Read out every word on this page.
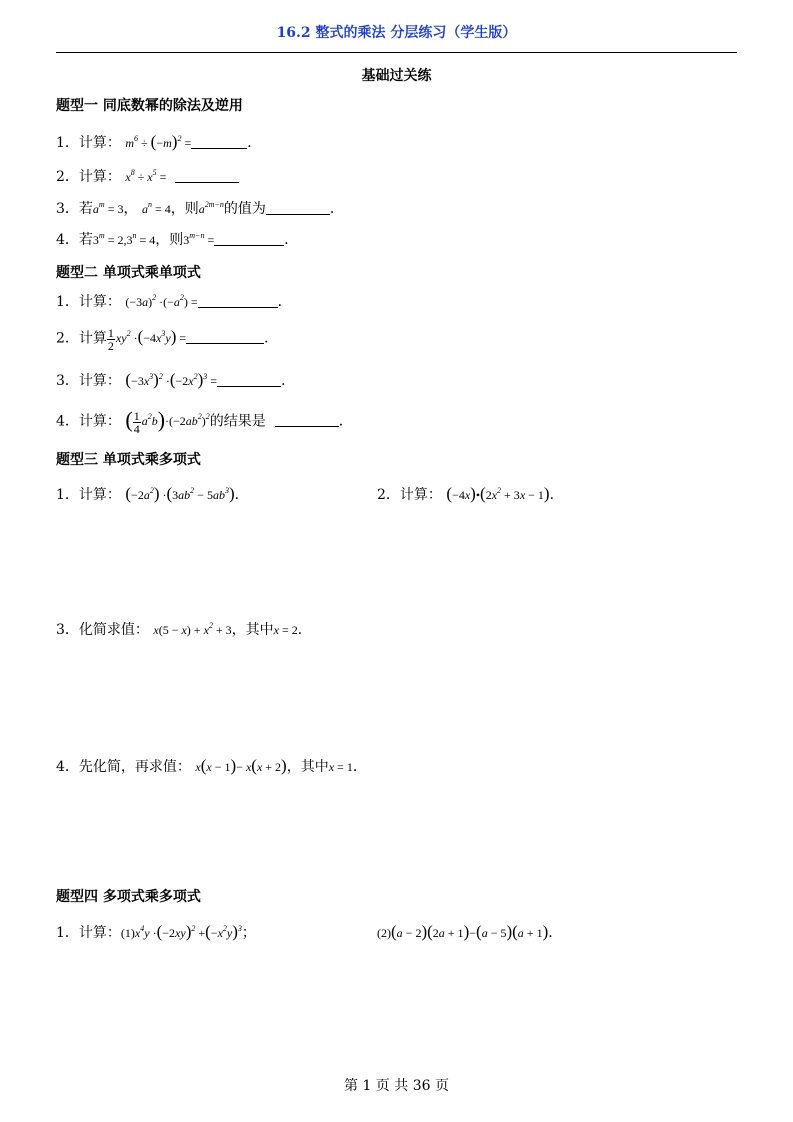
16.2 整式的乘法 分层练习（学生版）
基础过关练
题型一 同底数幂的除法及逆用
1．计算： $m^6 \div (-m)^2$ =	．
2．计算： $x^8 \div x^5$ =
3．若$a^m = 3$， $a^n = 4$，则$a^{2m-n}$的值为	．
4．若$3^m = 2,3^n = 4$，则$3^{m-n}$ =	．
题型二 单项式乘单项式
1．计算： $(-3a)^2 \cdot(-a^2)$ =	．
2．计算 $\frac{1}{2} xy^2 \cdot(-4x^3y)$ =	．
3．计算： $(-3x^3)^2 \cdot(-2x^2)^3$ =	．
4．计算： ( $\frac{1}{4} a^2b)\cdot(-2ab^2)^2$的结果是	．
题型三 单项式乘多项式
1．计算： $(-2a^2) \cdot(3ab^2 - 5ab^3)$．	2．计算： $(-4x)•(2x^2 + 3x - 1)$．
3．化简求值： $x(5 - x) + x^2 + 3$，其中x = 2．
4．先化简，再求值： x(x − 1)− x(x + 2)，其中x = 1．
题型四 多项式乘多项式
1．计算：$(1)x^4y \cdot(-2xy)^2 +(-x^2y)^3$；	(2)(a − 2)(2a + 1)−(a − 5)(a + 1)．
第 1 页 共 36 页
